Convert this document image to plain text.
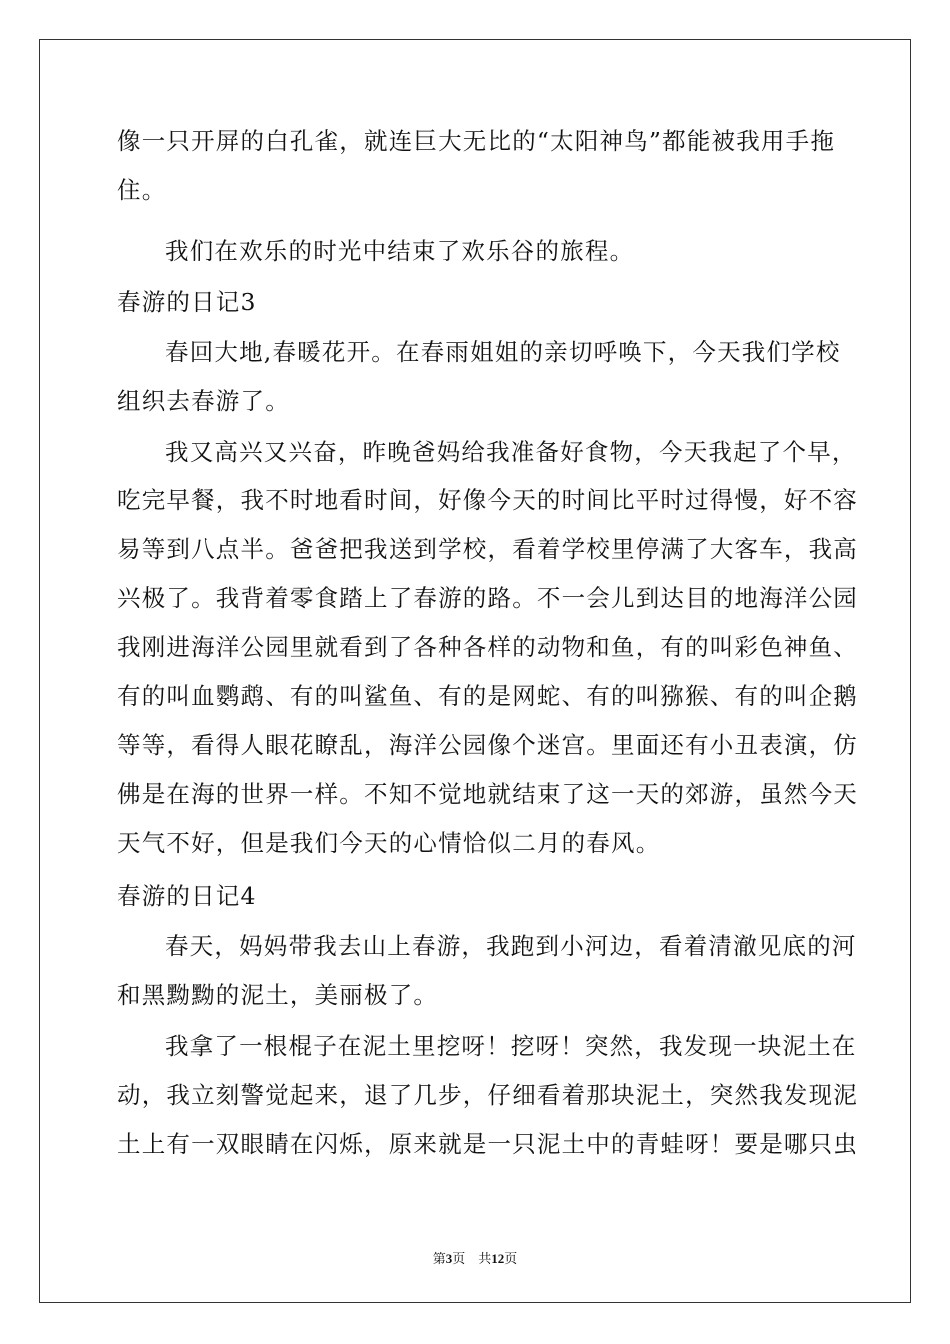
像一只开屏的白孔雀，就连巨大无比的“太阳神鸟”都能被我用手拖
住。
我们在欢乐的时光中结束了欢乐谷的旅程。
春游的日记3
春回大地,春暖花开。在春雨姐姐的亲切呼唤下，今天我们学校
组织去春游了。
我又高兴又兴奋，昨晚爸妈给我准备好食物，今天我起了个早，
吃完早餐，我不时地看时间，好像今天的时间比平时过得慢，好不容
易等到八点半。爸爸把我送到学校，看着学校里停满了大客车，我高
兴极了。我背着零食踏上了春游的路。不一会儿到达目的地海洋公园
我刚进海洋公园里就看到了各种各样的动物和鱼，有的叫彩色神鱼、
有的叫血鹦鹉、有的叫鲨鱼、有的是网蛇、有的叫猕猴、有的叫企鹅
等等，看得人眼花瞭乱，海洋公园像个迷宫。里面还有小丑表演，仿
佛是在海的世界一样。不知不觉地就结束了这一天的郊游，虽然今天
天气不好，但是我们今天的心情恰似二月的春风。
春游的日记4
春天，妈妈带我去山上春游，我跑到小河边，看着清澈见底的河
和黑黝黝的泥土，美丽极了。
我拿了一根棍子在泥土里挖呀！挖呀！突然，我发现一块泥土在
动，我立刻警觉起来，退了几步，仔细看着那块泥土，突然我发现泥
土上有一双眼睛在闪烁，原来就是一只泥土中的青蛙呀！要是哪只虫
第3页　共12页
